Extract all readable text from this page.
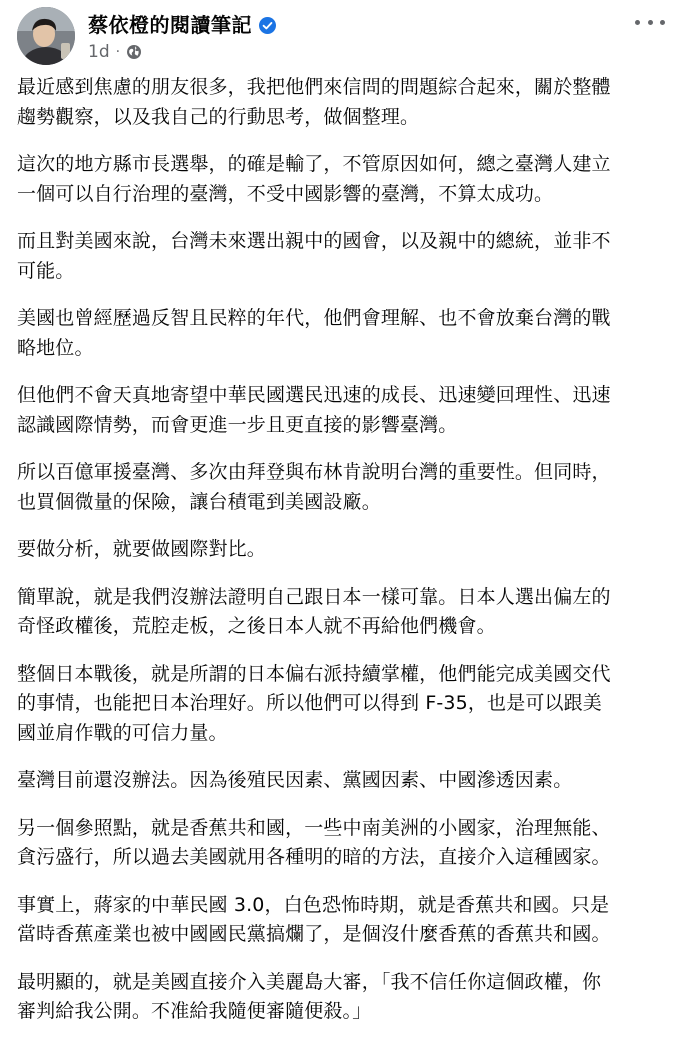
蔡依橙的閱讀筆記
1d ·

最近感到焦慮的朋友很多，我把他們來信問的問題綜合起來，關於整體
趨勢觀察，以及我自己的行動思考，做個整理。

這次的地方縣市長選舉，的確是輸了，不管原因如何，總之臺灣人建立
一個可以自行治理的臺灣，不受中國影響的臺灣，不算太成功。

而且對美國來說，台灣未來選出親中的國會，以及親中的總統，並非不
可能。

美國也曾經歷過反智且民粹的年代，他們會理解、也不會放棄台灣的戰
略地位。

但他們不會天真地寄望中華民國選民迅速的成長、迅速變回理性、迅速
認識國際情勢，而會更進一步且更直接的影響臺灣。

所以百億軍援臺灣、多次由拜登與布林肯說明台灣的重要性。但同時，
也買個微量的保險，讓台積電到美國設廠。

要做分析，就要做國際對比。

簡單說，就是我們沒辦法證明自己跟日本一樣可靠。日本人選出偏左的
奇怪政權後，荒腔走板，之後日本人就不再給他們機會。

整個日本戰後，就是所謂的日本偏右派持續掌權，他們能完成美國交代
的事情，也能把日本治理好。所以他們可以得到 F-35，也是可以跟美
國並肩作戰的可信力量。

臺灣目前還沒辦法。因為後殖民因素、黨國因素、中國滲透因素。

另一個參照點，就是香蕉共和國，一些中南美洲的小國家，治理無能、
貪污盛行，所以過去美國就用各種明的暗的方法，直接介入這種國家。

事實上，蔣家的中華民國 3.0，白色恐怖時期，就是香蕉共和國。只是
當時香蕉產業也被中國國民黨搞爛了，是個沒什麼香蕉的香蕉共和國。

最明顯的，就是美國直接介入美麗島大審，「我不信任你這個政權，你
審判給我公開。不准給我隨便審隨便殺。」
